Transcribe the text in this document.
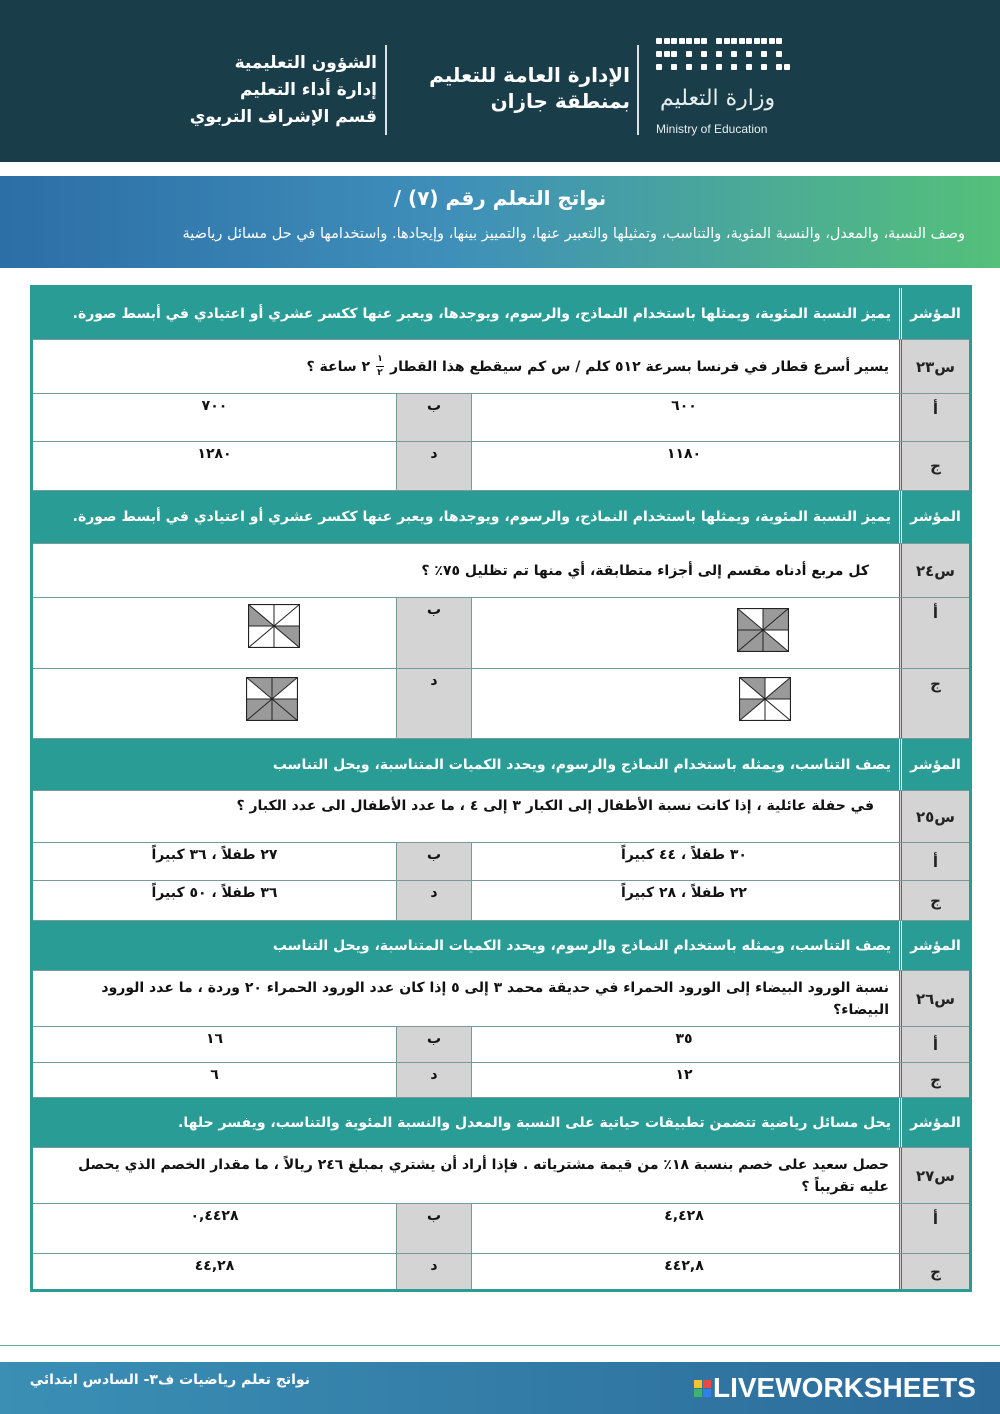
وزارة التعليم
Ministry of Education
الإدارة العامة للتعليم
بمنطقة جازان
الشؤون التعليمية
إدارة أداء التعليم
قسم الإشراف التربوي
نواتج التعلم رقم (٧) /
وصف النسبة، والمعدل، والنسبة المئوية، والتناسب، وتمثيلها والتعبير عنها، والتمييز بينها، وإيجادها. واستخدامها في حل مسائل رياضية
المؤشر
يميز النسبة المئوية، ويمثلها باستخدام النماذج، والرسوم، ويوجدها، ويعبر عنها ككسر عشري أو اعتيادي في أبسط صورة.
س٢٣
يسير أسرع قطار في فرنسا بسرعة ٥١٢ كلم / س كم سيقطع هذا القطار
$\frac{١}{٢}$
٢ ساعة ؟
أ
٦٠٠
ب
٧٠٠
ج
١١٨٠
د
١٢٨٠
المؤشر
يميز النسبة المئوية، ويمثلها باستخدام النماذج، والرسوم، ويوجدها، ويعبر عنها ككسر عشري أو اعتيادي في أبسط صورة.
س٢٤
كل مربع أدناه مقسم إلى أجزاء متطابقة، أي منها تم تظليل ٧٥٪ ؟
أ
ب
ج
د
المؤشر
يصف التناسب، ويمثله باستخدام النماذج والرسوم، ويحدد الكميات المتناسبة، ويحل التناسب
س٢٥
في حفلة عائلية ، إذا كانت نسبة الأطفال إلى الكبار ٣ إلى ٤ ، ما عدد الأطفال الى عدد الكبار ؟
أ
٣٠ طفلاً ، ٤٤ كبيراً
ب
٢٧ طفلاً ، ٣٦ كبيراً
ج
٢٢ طفلاً ، ٢٨ كبيراً
د
٣٦ طفلاً ، ٥٠ كبيراً
المؤشر
يصف التناسب، ويمثله باستخدام النماذج والرسوم، ويحدد الكميات المتناسبة، ويحل التناسب
س٢٦
نسبة الورود البيضاء إلى الورود الحمراء في حديقة محمد ٣ إلى ٥ إذا كان عدد الورود الحمراء ٢٠ وردة ، ما عدد الورود البيضاء؟
أ
٣٥
ب
١٦
ج
١٢
د
٦
المؤشر
يحل مسائل رياضية تتضمن تطبيقات حياتية على النسبة والمعدل والنسبة المئوية والتناسب، ويفسر حلها.
س٢٧
حصل سعيد على خصم بنسبة ١٨٪ من قيمة مشترياته . فإذا أراد أن يشتري بمبلغ ٢٤٦ ريالاً ، ما مقدار الخصم الذي يحصل عليه تقريباً ؟
أ
٤,٤٢٨
ب
٠,٤٤٢٨
ج
٤٤٢,٨
د
٤٤,٢٨
نواتج تعلم رياضيات ف٣- السادس ابتدائي	LIVEWORKSHEETS
